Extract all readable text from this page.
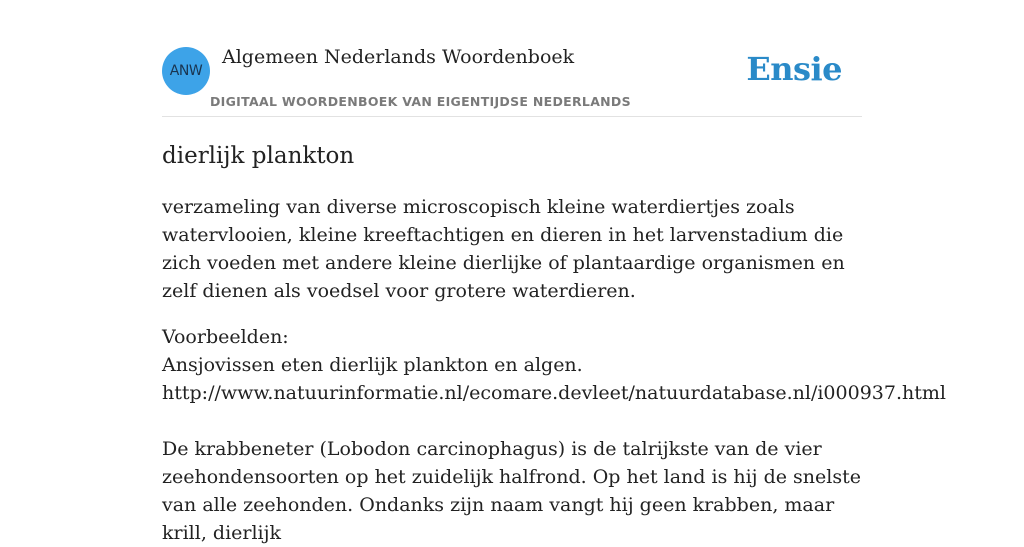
ANW
Algemeen Nederlands Woordenboek
DIGITAAL WOORDENBOEK VAN EIGENTIJDSE NEDERLANDS
Ensie
dierlijk plankton

verzameling van diverse microscopisch kleine waterdiertjes zoals watervlooien, kleine kreeftachtigen en dieren in het larvenstadium die zich voeden met andere kleine dierlijke of plantaardige organismen en zelf dienen als voedsel voor grotere waterdieren.

Voorbeelden:
Ansjovissen eten dierlijk plankton en algen.
http://www.natuurinformatie.nl/ecomare.devleet/natuurdatabase.nl/i000937.html

De krabbeneter (Lobodon carcinophagus) is de talrijkste van de vier zeehondensoorten op het zuidelijk halfrond. Op het land is hij de snelste van alle zeehonden. Ondanks zijn naam vangt hij geen krabben, maar krill, dierlijk
